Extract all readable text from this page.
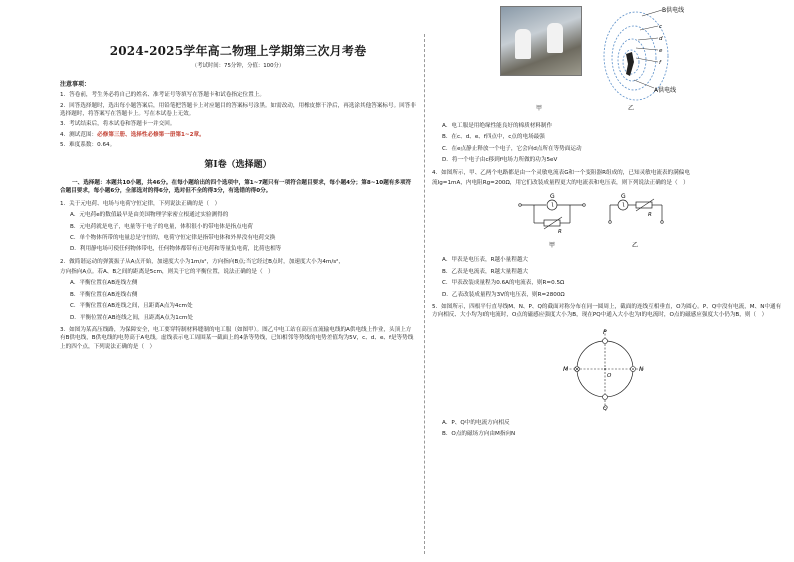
2024-2025学年高二物理上学期第三次月考卷
（考试时间：75分钟，分值：100分）
注意事项：
1．答卷前，考生务必将自己的姓名、准考证号等填写在答题卡和试卷指定位置上。
2．回答选择题时，选出每小题答案后，用铅笔把答题卡上对应题目的答案标号涂黑。如需改动，用橡皮擦干净后，再选涂其他答案标号。回答非选择题时，将答案写在答题卡上。写在本试卷上无效。
3．考试结束后，将本试卷和答题卡一并交回。
4．测试范围：必修第三册、选择性必修第一册第1~2章。
5．难度系数：0.64。
第Ⅰ卷（选择题）
一、选择题：本题共10小题，共46分。在每小题给出的四个选项中，第1~7题只有一项符合题目要求，每小题4分；第8~10题有多项符合题目要求，每小题6分，全部选对的得6分，选对但不全的得3分，有选错的得0分。
1．关于元电荷、电场与电荷守恒定律，下列说法正确的是（　）
A．元电荷e的数值最早是由美国物理学家密立根通过实验测得的
B．元电荷就是电子，电量等于电子的电量，体积很小的带电体是指点电荷
C．单个物体所带的电量总是守恒的，电荷守恒定律是指带电体和外界没有电荷交换
D．利用静电场可使任何物体带电，任何物体都带有正电荷和等量负电荷，比荷也相等
2．做简谐运动的弹簧振子从A点开始，加速度大小为1m/s²，方向指向B点;当它经过B点时，加速度大小为4m/s²，
方向指向A点。若A、B之间的距离是5cm，则关于它的平衡位置，说法正确的是（　）
A．平衡位置在AB连线左侧
B．平衡位置在AB连线右侧
C．平衡位置在AB连线之间，且距离A点为4cm处
D．平衡位置在AB连线之间，且距离A点为1cm处
3．如图为某高压线路，为保障安全，电工要穿特制材料缝制的电工服（如图甲）。图乙中电工站在高压直流输电线的A供电线上作业，头顶上方有B供电线，B供电线的电势高于A电线。虚线表示电工周围某一截面上的4条等势线，已知相邻等势线的电势差值均为5V，c、d、e、f是等势线上的四个点，下列说法正确的是（　）
甲
B供电线
c
d
e
f
A供电线
乙
A．电工服是用绝缘性能良好的棉质材料制作
B．在c、d、e、f四点中，c点的电场最强
C．在e点静止释放一个电子，它会向d点所在等势面运动
D．将一个电子由c移到f电场力所做的功为5eV
4．如图所示，甲、乙两个电路都是由一个灵敏电流表G和一个变阻器R组成的，已知灵敏电流表的满偏电
流Ig=1mA，内电阻Rg=200Ω，用它们改装成量程更大的电流表和电压表，则下列说法正确的是（　）
G
R
甲
G
R
乙
A．甲表是电压表，R越小量程越大
B．乙表是电流表，R越大量程越大
C．甲表改装成量程为0.6A的电流表，则R=0.5Ω
D．乙表改装成量程为3V的电压表，则R=2800Ω
5．如图所示，四根平行直导线M、N、P、Q的截面对称分布在同一圆周上，截面的连线互相垂直，O为圆心。P、Q中没有电流，M、N中通有方向相反、大小均为I的电流时，O点的磁感应强度大小为B，现在PQ中通入大小也为I的电流时，O点的磁感应强度大小仍为B，则（　）
P
Q
M	N
O
A．P、Q中的电流方向相反
B．O点的磁场方向由M指向N
